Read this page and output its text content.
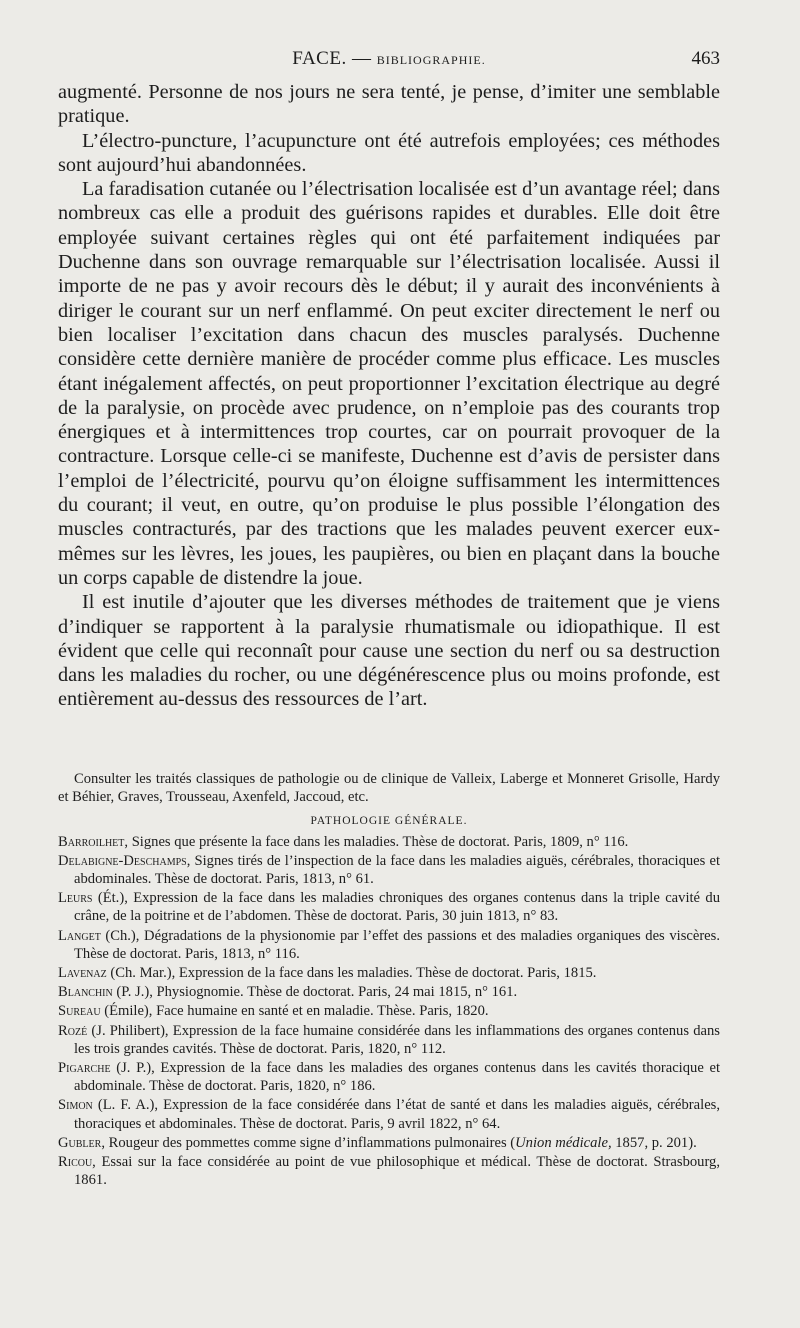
FACE. — BIBLIOGRAPHIE.	463

augmenté. Personne de nos jours ne sera tenté, je pense, d’imiter une semblable pratique.

L’électro-puncture, l’acupuncture ont été autrefois employées; ces méthodes sont aujourd’hui abandonnées.

La faradisation cutanée ou l’électrisation localisée est d’un avantage réel; dans nombreux cas elle a produit des guérisons rapides et durables. Elle doit être employée suivant certaines règles qui ont été parfaitement indiquées par Duchenne dans son ouvrage remarquable sur l’électrisation localisée. Aussi il importe de ne pas y avoir recours dès le début; il y aurait des inconvénients à diriger le courant sur un nerf enflammé. On peut exciter directement le nerf ou bien localiser l’excitation dans chacun des muscles paralysés. Duchenne considère cette dernière manière de procéder comme plus efficace. Les muscles étant inégalement affectés, on peut proportionner l’excitation électrique au degré de la paralysie, on procède avec prudence, on n’emploie pas des courants trop énergiques et à intermittences trop courtes, car on pourrait provoquer de la contracture. Lorsque celle-ci se manifeste, Duchenne est d’avis de persister dans l’emploi de l’électricité, pourvu qu’on éloigne suffisamment les intermittences du courant; il veut, en outre, qu’on produise le plus possible l’élongation des muscles contracturés, par des tractions que les malades peuvent exercer eux-mêmes sur les lèvres, les joues, les paupières, ou bien en plaçant dans la bouche un corps capable de distendre la joue.

Il est inutile d’ajouter que les diverses méthodes de traitement que je viens d’indiquer se rapportent à la paralysie rhumatismale ou idiopathique. Il est évident que celle qui reconnaît pour cause une section du nerf ou sa destruction dans les maladies du rocher, ou une dégénérescence plus ou moins profonde, est entièrement au-dessus des ressources de l’art.

Consulter les traités classiques de pathologie ou de clinique de Valleix, Laberge et Monneret Grisolle, Hardy et Béhier, Graves, Trousseau, Axenfeld, Jaccoud, etc.

PATHOLOGIE GÉNÉRALE.

Barroilhet, Signes que présente la face dans les maladies. Thèse de doctorat. Paris, 1809, n° 116.

Delabigne-Deschamps, Signes tirés de l’inspection de la face dans les maladies aiguës, cérébrales, thoraciques et abdominales. Thèse de doctorat. Paris, 1813, n° 61.

Leurs (Ét.), Expression de la face dans les maladies chroniques des organes contenus dans la triple cavité du crâne, de la poitrine et de l’abdomen. Thèse de doctorat. Paris, 30 juin 1813, n° 83.

Langet (Ch.), Dégradations de la physionomie par l’effet des passions et des maladies organiques des viscères. Thèse de doctorat. Paris, 1813, n° 116.

Lavenaz (Ch. Mar.), Expression de la face dans les maladies. Thèse de doctorat. Paris, 1815.

Blanchin (P. J.), Physiognomie. Thèse de doctorat. Paris, 24 mai 1815, n° 161.

Sureau (Émile), Face humaine en santé et en maladie. Thèse. Paris, 1820.

Rozé (J. Philibert), Expression de la face humaine considérée dans les inflammations des organes contenus dans les trois grandes cavités. Thèse de doctorat. Paris, 1820, n° 112.

Pigarche (J. P.), Expression de la face dans les maladies des organes contenus dans les cavités thoracique et abdominale. Thèse de doctorat. Paris, 1820, n° 186.

Simon (L. F. A.), Expression de la face considérée dans l’état de santé et dans les maladies aiguës, cérébrales, thoraciques et abdominales. Thèse de doctorat. Paris, 9 avril 1822, n° 64.

Gubler, Rougeur des pommettes comme signe d’inflammations pulmonaires (Union médicale, 1857, p. 201).

Ricou, Essai sur la face considérée au point de vue philosophique et médical. Thèse de doctorat. Strasbourg, 1861.
